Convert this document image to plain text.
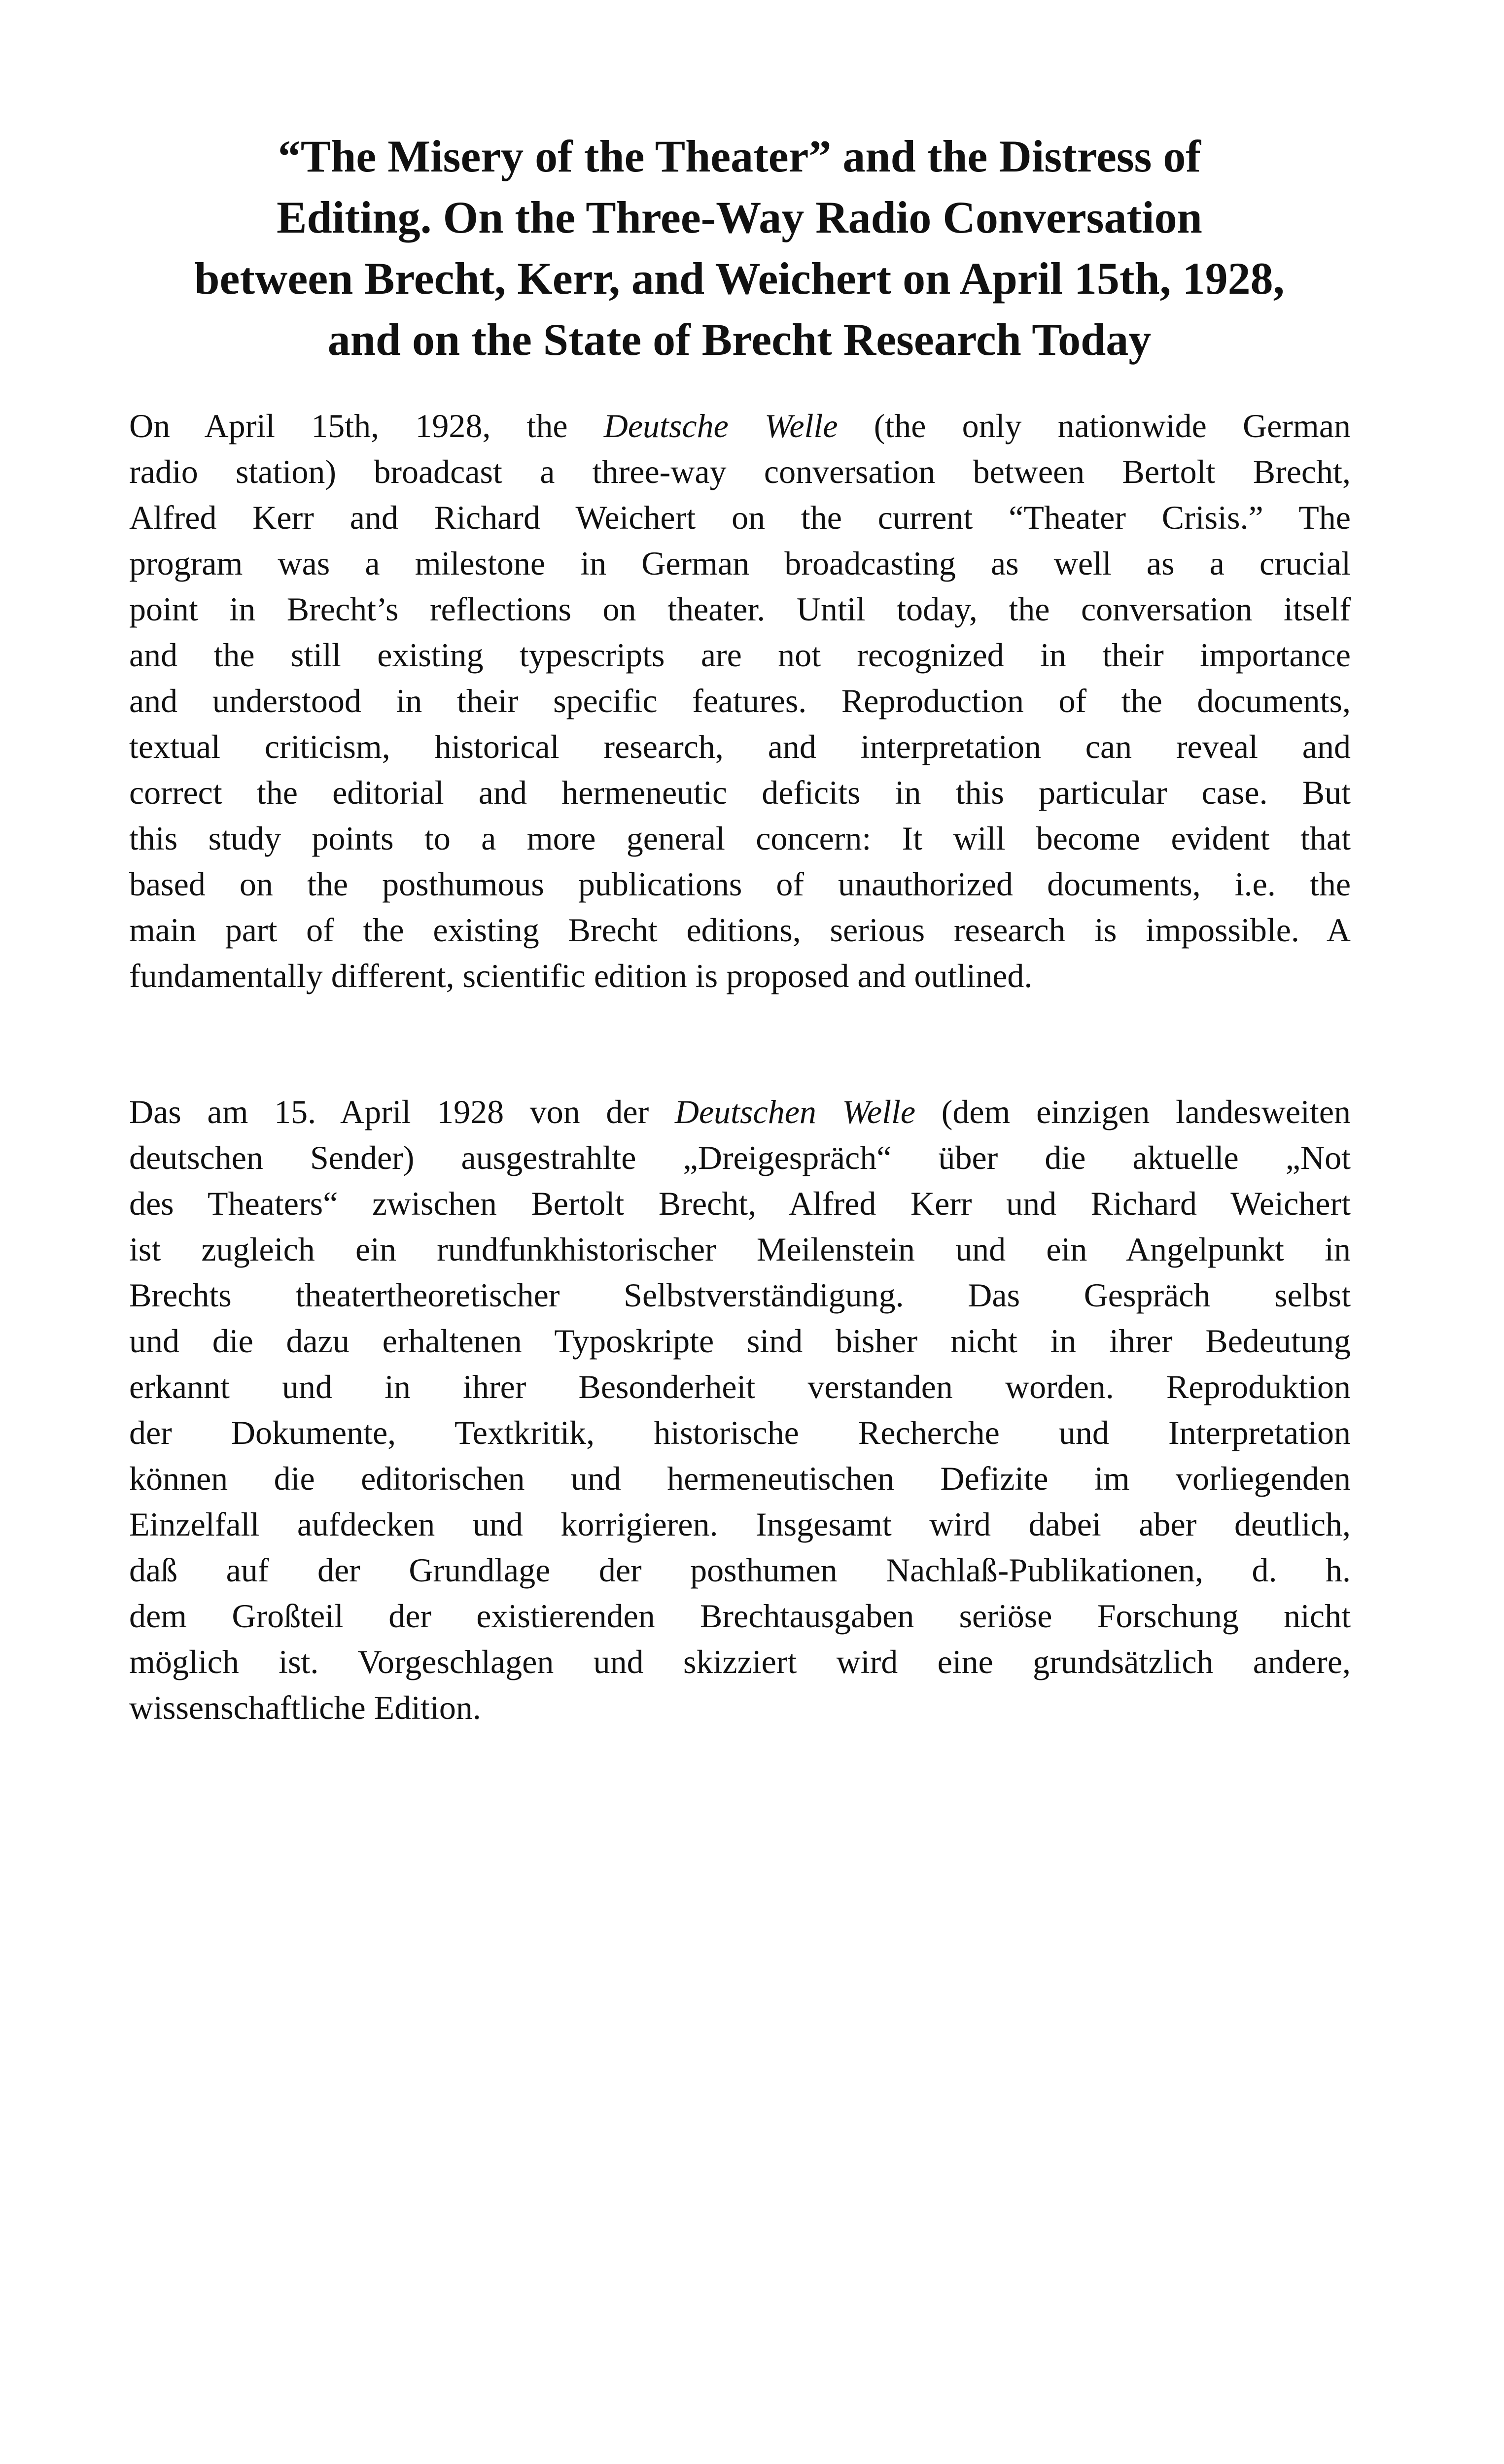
“The Misery of the Theater” and the Distress of
Editing. On the Three-Way Radio Conversation
between Brecht, Kerr, and Weichert on April 15th, 1928,
and on the State of Brecht Research Today

On April 15th, 1928, the Deutsche Welle (the only nationwide German
radio station) broadcast a three-way conversation between Bertolt Brecht,
Alfred Kerr and Richard Weichert on the current “Theater Crisis.” The
program was a milestone in German broadcasting as well as a crucial
point in Brecht’s reflections on theater. Until today, the conversation itself
and the still existing typescripts are not recognized in their importance
and understood in their specific features. Reproduction of the documents,
textual criticism, historical research, and interpretation can reveal and
correct the editorial and hermeneutic deficits in this particular case. But
this study points to a more general concern: It will become evident that
based on the posthumous publications of unauthorized documents, i.e. the
main part of the existing Brecht editions, serious research is impossible. A
fundamentally different, scientific edition is proposed and outlined.

Das am 15. April 1928 von der Deutschen Welle (dem einzigen landesweiten
deutschen Sender) ausgestrahlte „Dreigespräch“ über die aktuelle „Not
des Theaters“ zwischen Bertolt Brecht, Alfred Kerr und Richard Weichert
ist zugleich ein rundfunkhistorischer Meilenstein und ein Angelpunkt in
Brechts theatertheoretischer Selbstverständigung. Das Gespräch selbst
und die dazu erhaltenen Typoskripte sind bisher nicht in ihrer Bedeutung
erkannt und in ihrer Besonderheit verstanden worden. Reproduktion
der Dokumente, Textkritik, historische Recherche und Interpretation
können die editorischen und hermeneutischen Defizite im vorliegenden
Einzelfall aufdecken und korrigieren. Insgesamt wird dabei aber deutlich,
daß auf der Grundlage der posthumen Nachlaß-Publikationen, d. h.
dem Großteil der existierenden Brechtausgaben seriöse Forschung nicht
möglich ist. Vorgeschlagen und skizziert wird eine grundsätzlich andere,
wissenschaftliche Edition.
